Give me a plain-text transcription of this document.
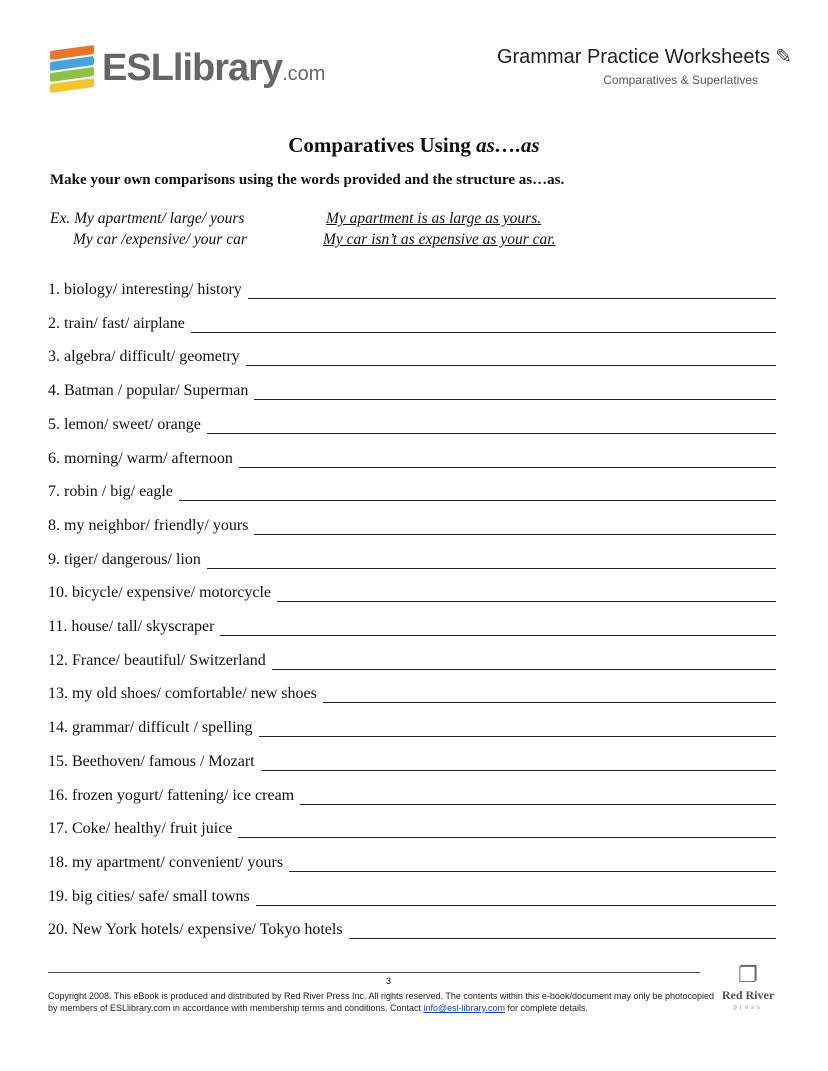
ESLlibrary.com
Grammar Practice Worksheets ✎
Comparatives & Superlatives
Comparatives Using as….as
Make your own comparisons using the words provided and the structure as…as.
Ex. My apartment/ large/ yours	My apartment is as large as yours.
My car /expensive/ your car	My car isn’t as expensive as your car.
1. biology/ interesting/ history
2. train/ fast/ airplane
3. algebra/ difficult/ geometry
4. Batman / popular/ Superman
5. lemon/ sweet/ orange
6. morning/ warm/ afternoon
7. robin / big/ eagle
8. my neighbor/ friendly/ yours
9. tiger/ dangerous/ lion
10. bicycle/ expensive/ motorcycle
11. house/ tall/ skyscraper
12. France/ beautiful/ Switzerland
13. my old shoes/ comfortable/ new shoes
14. grammar/ difficult / spelling
15. Beethoven/ famous / Mozart
16. frozen yogurt/ fattening/ ice cream
17. Coke/ healthy/ fruit juice
18. my apartment/ convenient/ yours
19. big cities/ safe/ small towns
20. New York hotels/ expensive/ Tokyo hotels
3
Copyright 2008. This eBook is produced and distributed by Red River Press Inc. All rights reserved. The contents within this e-book/document may only be photocopied by members of ESLlibrary.com in accordance with membership terms and conditions. Contact info@esl-library.com for complete details.
❐
Red River
press
